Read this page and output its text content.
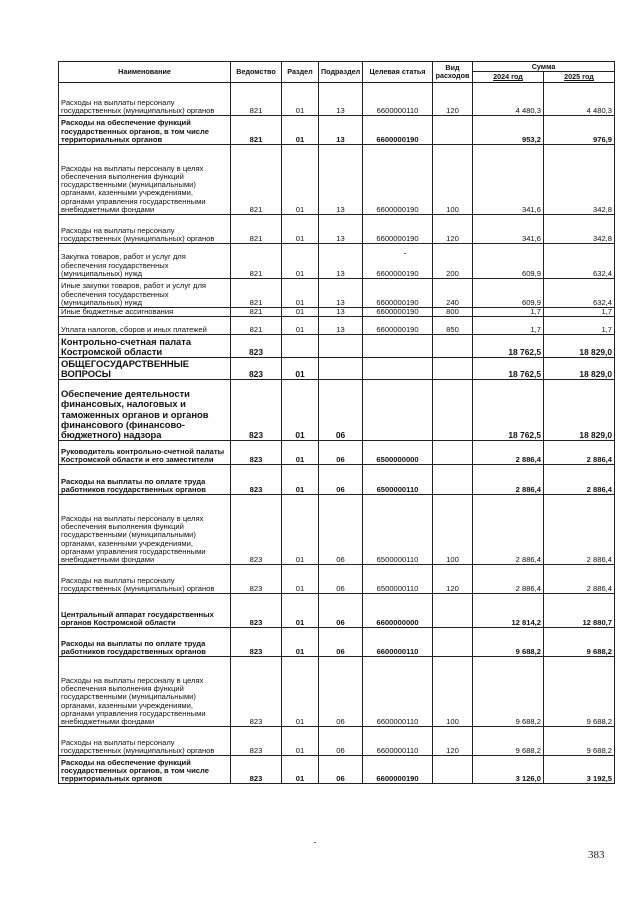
Наименование	Ведомство	Раздел	Подраздел	Целевая статья	Вид расходов	Сумма	
						2024 год	2025 год
Расходы на выплаты персоналу государственных (муниципальных) органов	821	01	13	6600000110	120	4 480,3	4 480,3
Расходы на обеспечение функций государственных органов, в том числе территориальных органов	821	01	13	6600000190		953,2	976,9
Расходы на выплаты персоналу в целях обеспечения выполнения функций государственными (муниципальными) органами, казенными учреждениями, органами управления государственными внебюджетными фондами	821	01	13	6600000190	100	341,6	342,8
Расходы на выплаты персоналу государственных (муниципальных) органов	821	01	13	6600000190	120	341,6	342,8
Закупка товаров, работ и услуг для обеспечения государственных (муниципальных) нужд	821	01	13	6600000190	200	609,9	632,4
Иные закупки товаров, работ и услуг для обеспечения государственных (муниципальных) нужд	821	01	13	6600000190	240	609,9	632,4
Иные бюджетные ассигнования	821	01	13	6600000190	800	1,7	1,7
Уплата налогов, сборов и иных платежей	821	01	13	6600000190	850	1,7	1,7
Контрольно-счетная палата Костромской области	823					18 762,5	18 829,0
ОБЩЕГОСУДАРСТВЕННЫЕ ВОПРОСЫ	823	01				18 762,5	18 829,0
Обеспечение деятельности финансовых, налоговых и таможенных органов и органов финансового (финансово-бюджетного) надзора	823	01	06			18 762,5	18 829,0
Руководитель контрольно-счетной палаты Костромской области и его заместители	823	01	06	6500000000		2 886,4	2 886,4
Расходы на выплаты по оплате труда работников государственных органов	823	01	06	6500000110		2 886,4	2 886,4
Расходы на выплаты персоналу в целях обеспечения выполнения функций государственными (муниципальными) органами, казенными учреждениями, органами управления государственными внебюджетными фондами	823	01	06	6500000110	100	2 886,4	2 886,4
Расходы на выплаты персоналу государственных (муниципальных) органов	823	01	06	6500000110	120	2 886,4	2 886,4
Центральный аппарат государственных органов Костромской области	823	01	06	6600000000		12 814,2	12 880,7
Расходы на выплаты по оплате труда работников государственных органов	823	01	06	6600000110		9 688,2	9 688,2
Расходы на выплаты персоналу в целях обеспечения выполнения функций государственными (муниципальными) органами, казенными учреждениями, органами управления государственными внебюджетными фондами	823	01	06	6600000110	100	9 688,2	9 688,2
Расходы на выплаты персоналу государственных (муниципальных) органов	823	01	06	6600000110	120	9 688,2	9 688,2
Расходы на обеспечение функций государственных органов, в том числе территориальных органов	823	01	06	6600000190		3 126,0	3 192,5
383
